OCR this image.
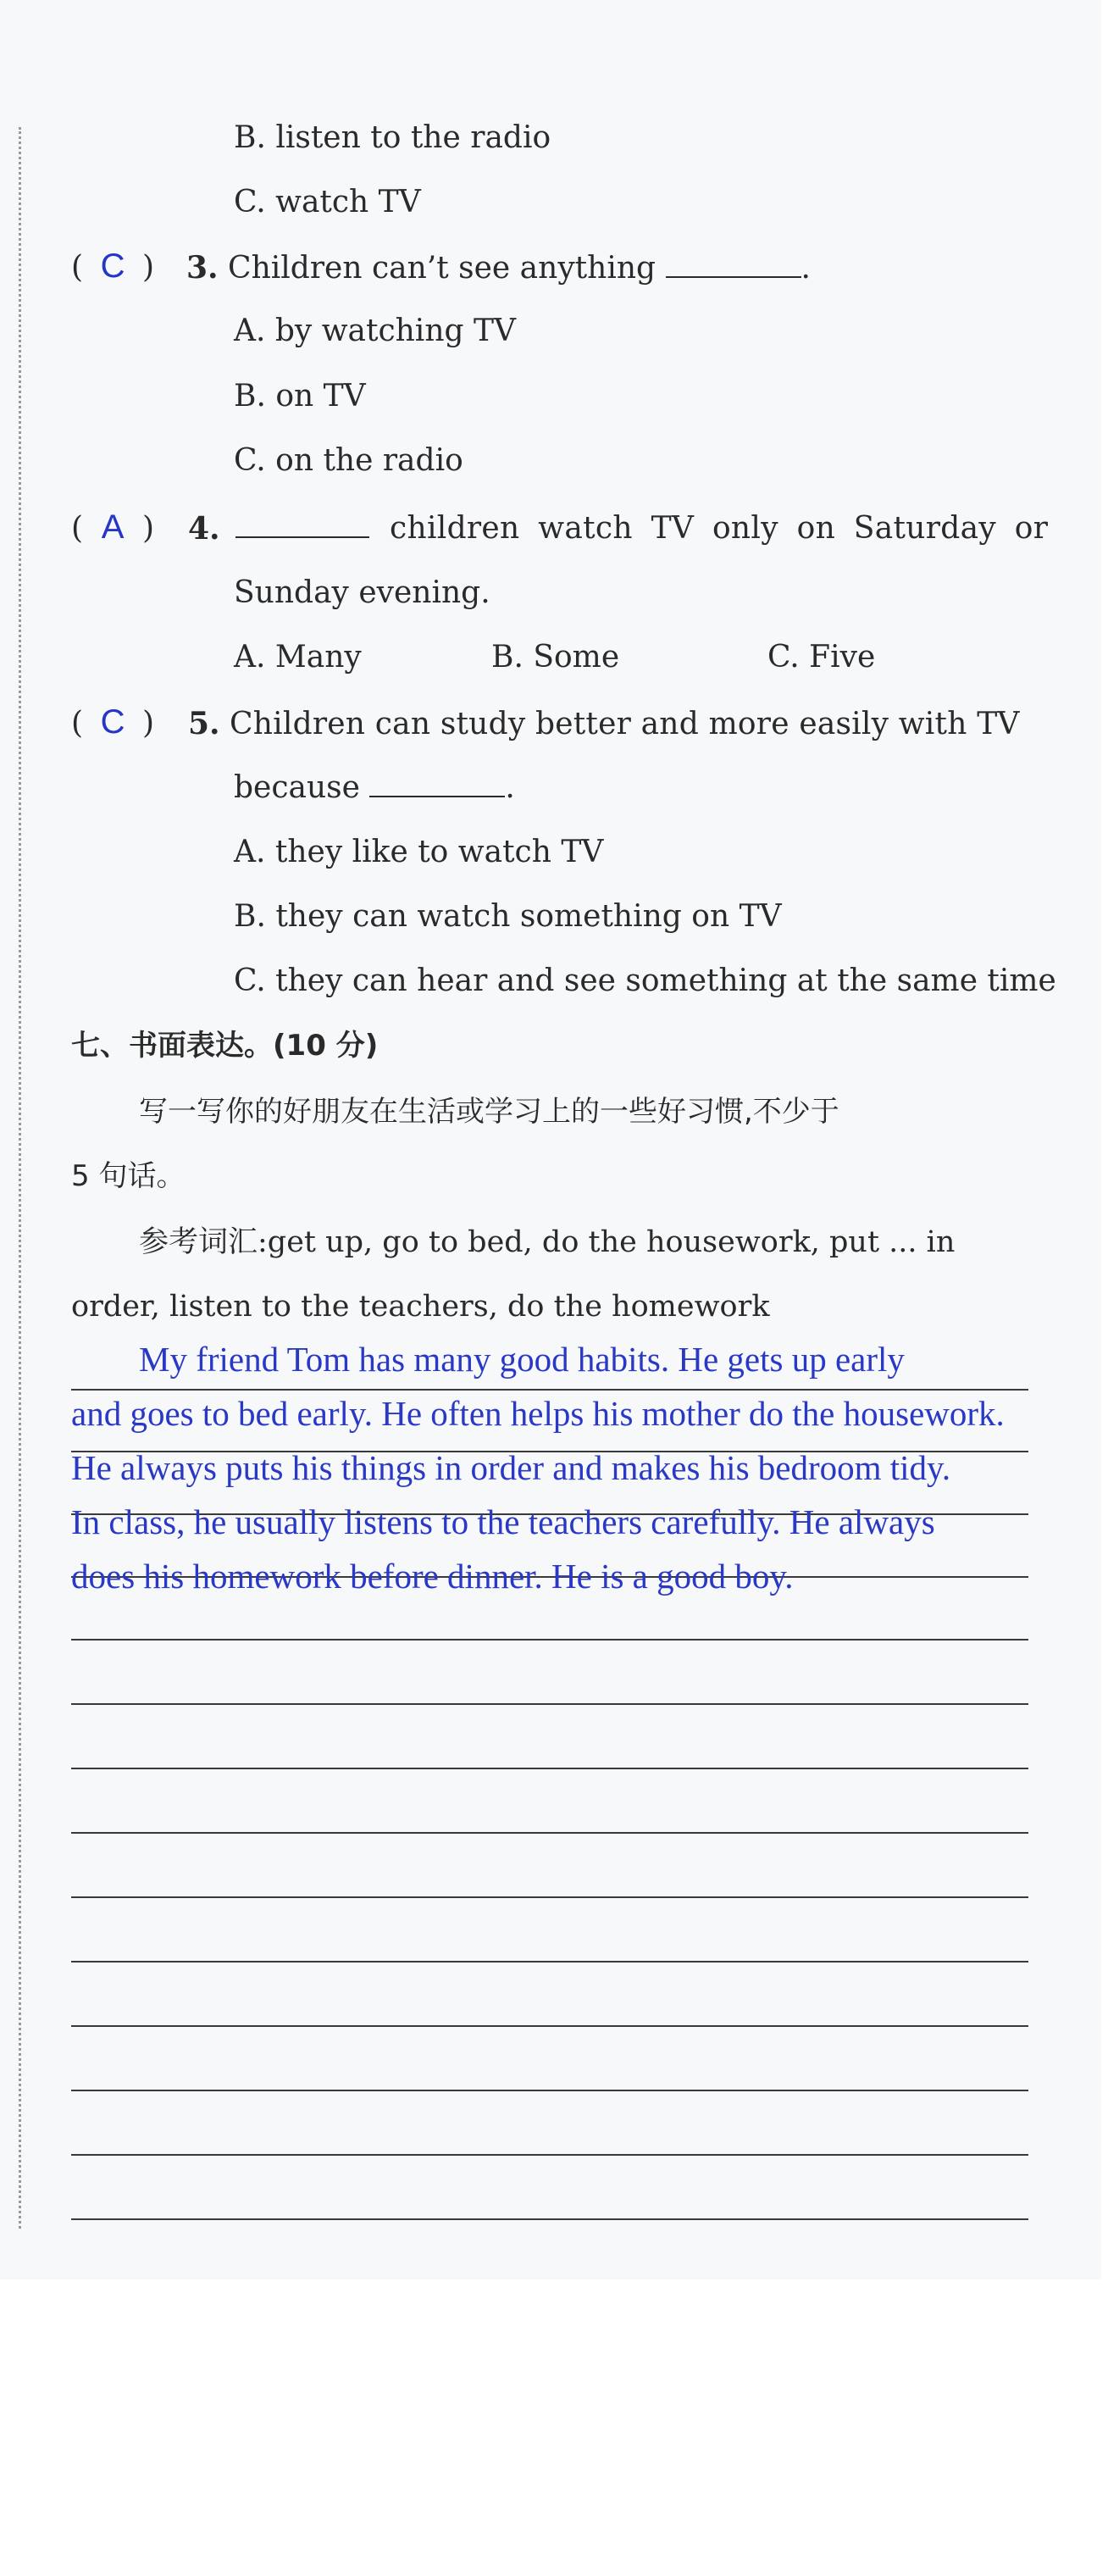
B. listen to the radio
C. watch TV
( C ) 3. Children can’t see anything	.
A. by watching TV
B. on TV
C. on the radio
( A ) 4.	children watch TV only on Saturday or
Sunday evening.
A. Many	B. Some	C. Five
( C ) 5. Children can study better and more easily with TV
because	.
A. they like to watch TV
B. they can watch something on TV
C. they can hear and see something at the same time
七、书面表达。(10 分)
写一写你的好朋友在生活或学习上的一些好习惯,不少于
5 句话。
参考词汇:get up, go to bed, do the housework, put ... in
order, listen to the teachers, do the homework
My friend Tom has many good habits. He gets up early
and goes to bed early. He often helps his mother do the housework.
He always puts his things in order and makes his bedroom tidy.
In class, he usually listens to the teachers carefully. He always
does his homework before dinner. He is a good boy.
